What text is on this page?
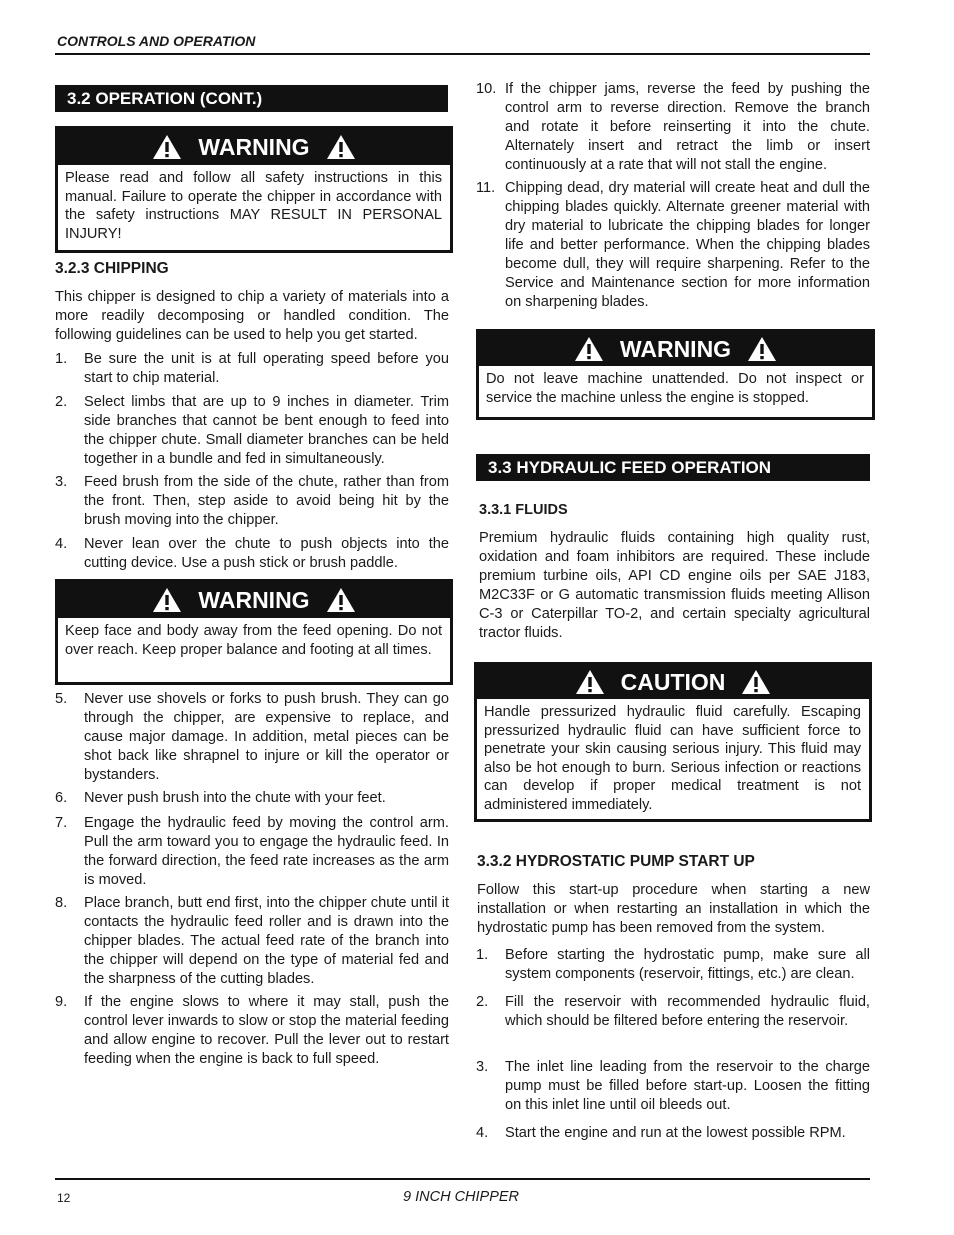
CONTROLS AND OPERATION
3.2 OPERATION (CONT.)
WARNING
Please read and follow all safety instructions in this manual. Failure to operate the chipper in accordance with the safety instructions MAY RESULT IN PERSONAL INJURY!
3.2.3 CHIPPING
This chipper is designed to chip a variety of materials into a more readily decomposing or handled condition. The following guidelines can be used to help you get started.
1. Be sure the unit is at full operating speed before you start to chip material.
2. Select limbs that are up to 9 inches in diameter. Trim side branches that cannot be bent enough to feed into the chipper chute. Small diameter branches can be held together in a bundle and fed in simultaneously.
3. Feed brush from the side of the chute, rather than from the front. Then, step aside to avoid being hit by the brush moving into the chipper.
4. Never lean over the chute to push objects into the cutting device. Use a push stick or brush paddle.
WARNING
Keep face and body away from the feed opening. Do not over reach. Keep proper balance and footing at all times.
5. Never use shovels or forks to push brush. They can go through the chipper, are expensive to replace, and cause major damage. In addition, metal pieces can be shot back like shrapnel to injure or kill the operator or bystanders.
6. Never push brush into the chute with your feet.
7. Engage the hydraulic feed by moving the control arm. Pull the arm toward you to engage the hydraulic feed. In the forward direction, the feed rate increases as the arm is moved.
8. Place branch, butt end first, into the chipper chute until it contacts the hydraulic feed roller and is drawn into the chipper blades. The actual feed rate of the branch into the chipper will depend on the type of material fed and the sharpness of the cutting blades.
9. If the engine slows to where it may stall, push the control lever inwards to slow or stop the material feeding and allow engine to recover. Pull the lever out to restart feeding when the engine is back to full speed.
10. If the chipper jams, reverse the feed by pushing the control arm to reverse direction. Remove the branch and rotate it before reinserting it into the chute. Alternately insert and retract the limb or insert continuously at a rate that will not stall the engine.
11. Chipping dead, dry material will create heat and dull the chipping blades quickly. Alternate greener material with dry material to lubricate the chipping blades for longer life and better performance. When the chipping blades become dull, they will require sharpening. Refer to the Service and Maintenance section for more information on sharpening blades.
WARNING
Do not leave machine unattended. Do not inspect or service the machine unless the engine is stopped.
3.3 HYDRAULIC FEED OPERATION
3.3.1 FLUIDS
Premium hydraulic fluids containing high quality rust, oxidation and foam inhibitors are required. These include premium turbine oils, API CD engine oils per SAE J183, M2C33F or G automatic transmission fluids meeting Allison C-3 or Caterpillar TO-2, and certain specialty agricultural tractor fluids.
CAUTION
Handle pressurized hydraulic fluid carefully. Escaping pressurized hydraulic fluid can have sufficient force to penetrate your skin causing serious injury. This fluid may also be hot enough to burn. Serious infection or reactions can develop if proper medical treatment is not administered immediately.
3.3.2 HYDROSTATIC PUMP START UP
Follow this start-up procedure when starting a new installation or when restarting an installation in which the hydrostatic pump has been removed from the system.
1. Before starting the hydrostatic pump, make sure all system components (reservoir, fittings, etc.) are clean.
2. Fill the reservoir with recommended hydraulic fluid, which should be filtered before entering the reservoir.
3. The inlet line leading from the reservoir to the charge pump must be filled before start-up. Loosen the fitting on this inlet line until oil bleeds out.
4. Start the engine and run at the lowest possible RPM.
12	9 INCH CHIPPER
